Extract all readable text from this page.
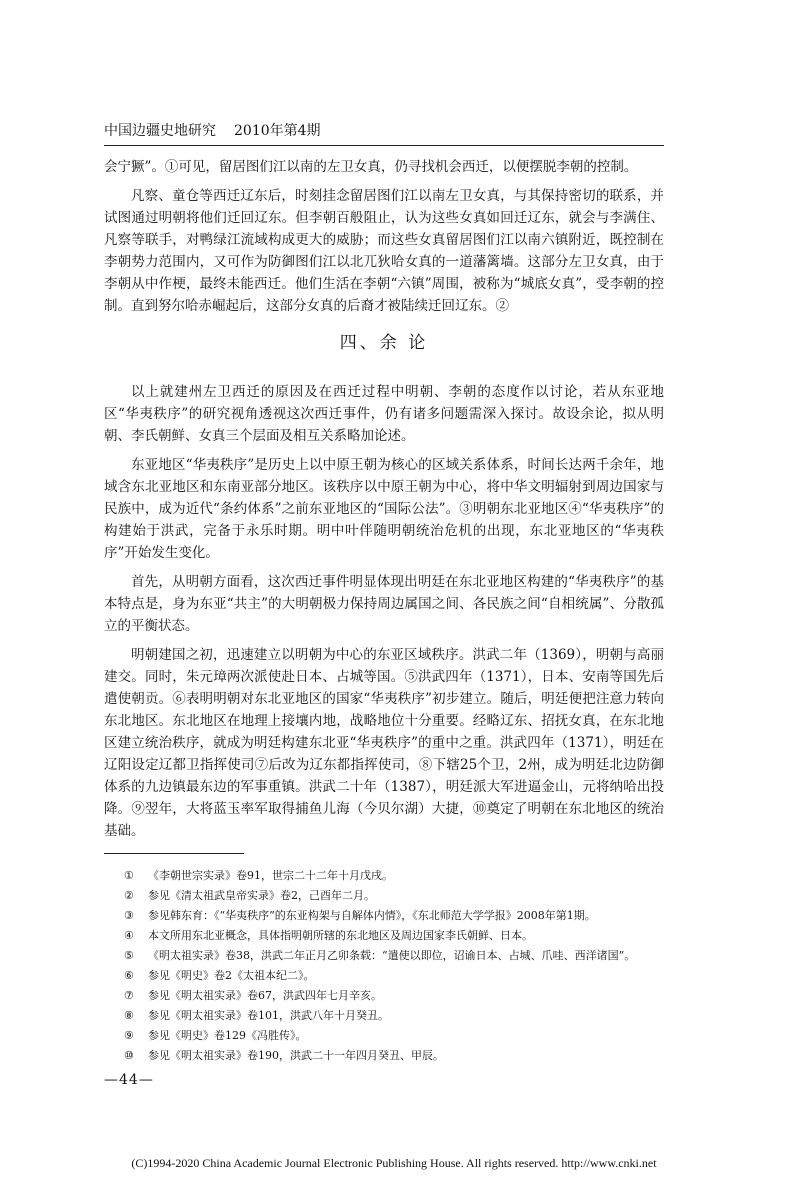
中国边疆史地研究 2010年第4期

会宁獗”。①可见，留居图们江以南的左卫女真，仍寻找机会西迁，以便摆脱李朝的控制。

凡察、童仓等西迁辽东后，时刻挂念留居图们江以南左卫女真，与其保持密切的联系，并试图通过明朝将他们迁回辽东。但李朝百般阻止，认为这些女真如回迁辽东，就会与李满住、凡察等联手，对鸭绿江流域构成更大的威胁；而这些女真留居图们江以南六镇附近，既控制在李朝势力范围内，又可作为防御图们江以北兀狄哈女真的一道藩篱墙。这部分左卫女真，由于李朝从中作梗，最终未能西迁。他们生活在李朝“六镇”周围，被称为“城底女真”，受李朝的控制。直到努尔哈赤崛起后，这部分女真的后裔才被陆续迁回辽东。②

四、余 论

以上就建州左卫西迁的原因及在西迁过程中明朝、李朝的态度作以讨论，若从东亚地区“华夷秩序”的研究视角透视这次西迁事件，仍有诸多问题需深入探讨。故设余论，拟从明朝、李氏朝鲜、女真三个层面及相互关系略加论述。

东亚地区“华夷秩序”是历史上以中原王朝为核心的区域关系体系，时间长达两千余年，地域含东北亚地区和东南亚部分地区。该秩序以中原王朝为中心，将中华文明辐射到周边国家与民族中，成为近代“条约体系”之前东亚地区的“国际公法”。③明朝东北亚地区④“华夷秩序”的构建始于洪武，完备于永乐时期。明中叶伴随明朝统治危机的出现，东北亚地区的“华夷秩序”开始发生变化。

首先，从明朝方面看，这次西迁事件明显体现出明廷在东北亚地区构建的“华夷秩序”的基本特点是，身为东亚“共主”的大明朝极力保持周边属国之间、各民族之间“自相统属”、分散孤立的平衡状态。

明朝建国之初，迅速建立以明朝为中心的东亚区域秩序。洪武二年（1369），明朝与高丽建交。同时，朱元璋两次派使赴日本、占城等国。⑤洪武四年（1371），日本、安南等国先后遣使朝贡。⑥表明明朝对东北亚地区的国家“华夷秩序”初步建立。随后，明廷便把注意力转向东北地区。东北地区在地理上接壤内地，战略地位十分重要。经略辽东、招抚女真，在东北地区建立统治秩序，就成为明廷构建东北亚“华夷秩序”的重中之重。洪武四年（1371），明廷在辽阳设定辽都卫指挥使司⑦后改为辽东都指挥使司，⑧下辖25个卫，2州，成为明廷北边防御体系的九边镇最东边的军事重镇。洪武二十年（1387），明廷派大军进逼金山，元将纳哈出投降。⑨翌年，大将蓝玉率军取得捕鱼儿海（今贝尔湖）大捷，⑩奠定了明朝在东北地区的统治基础。

① 《李朝世宗实录》卷91，世宗二十二年十月戊戌。
② 参见《清太祖武皇帝实录》卷2，己酉年二月。
③ 参见韩东育：《“华夷秩序”的东亚构架与自解体内情》，《东北师范大学学报》2008年第1期。
④ 本文所用东北亚概念，具体指明朝所辖的东北地区及周边国家李氏朝鲜、日本。
⑤ 《明太祖实录》卷38，洪武二年正月乙卯条载：“遣使以即位，诏谕日本、占城、爪哇、西洋诸国”。
⑥ 参见《明史》卷2《太祖本纪二》。
⑦ 参见《明太祖实录》卷67，洪武四年七月辛亥。
⑧ 参见《明太祖实录》卷101，洪武八年十月癸丑。
⑨ 参见《明史》卷129《冯胜传》。
⑩ 参见《明太祖实录》卷190，洪武二十一年四月癸丑、甲辰。
—44—
(C)1994-2020 China Academic Journal Electronic Publishing House. All rights reserved. http://www.cnki.net
